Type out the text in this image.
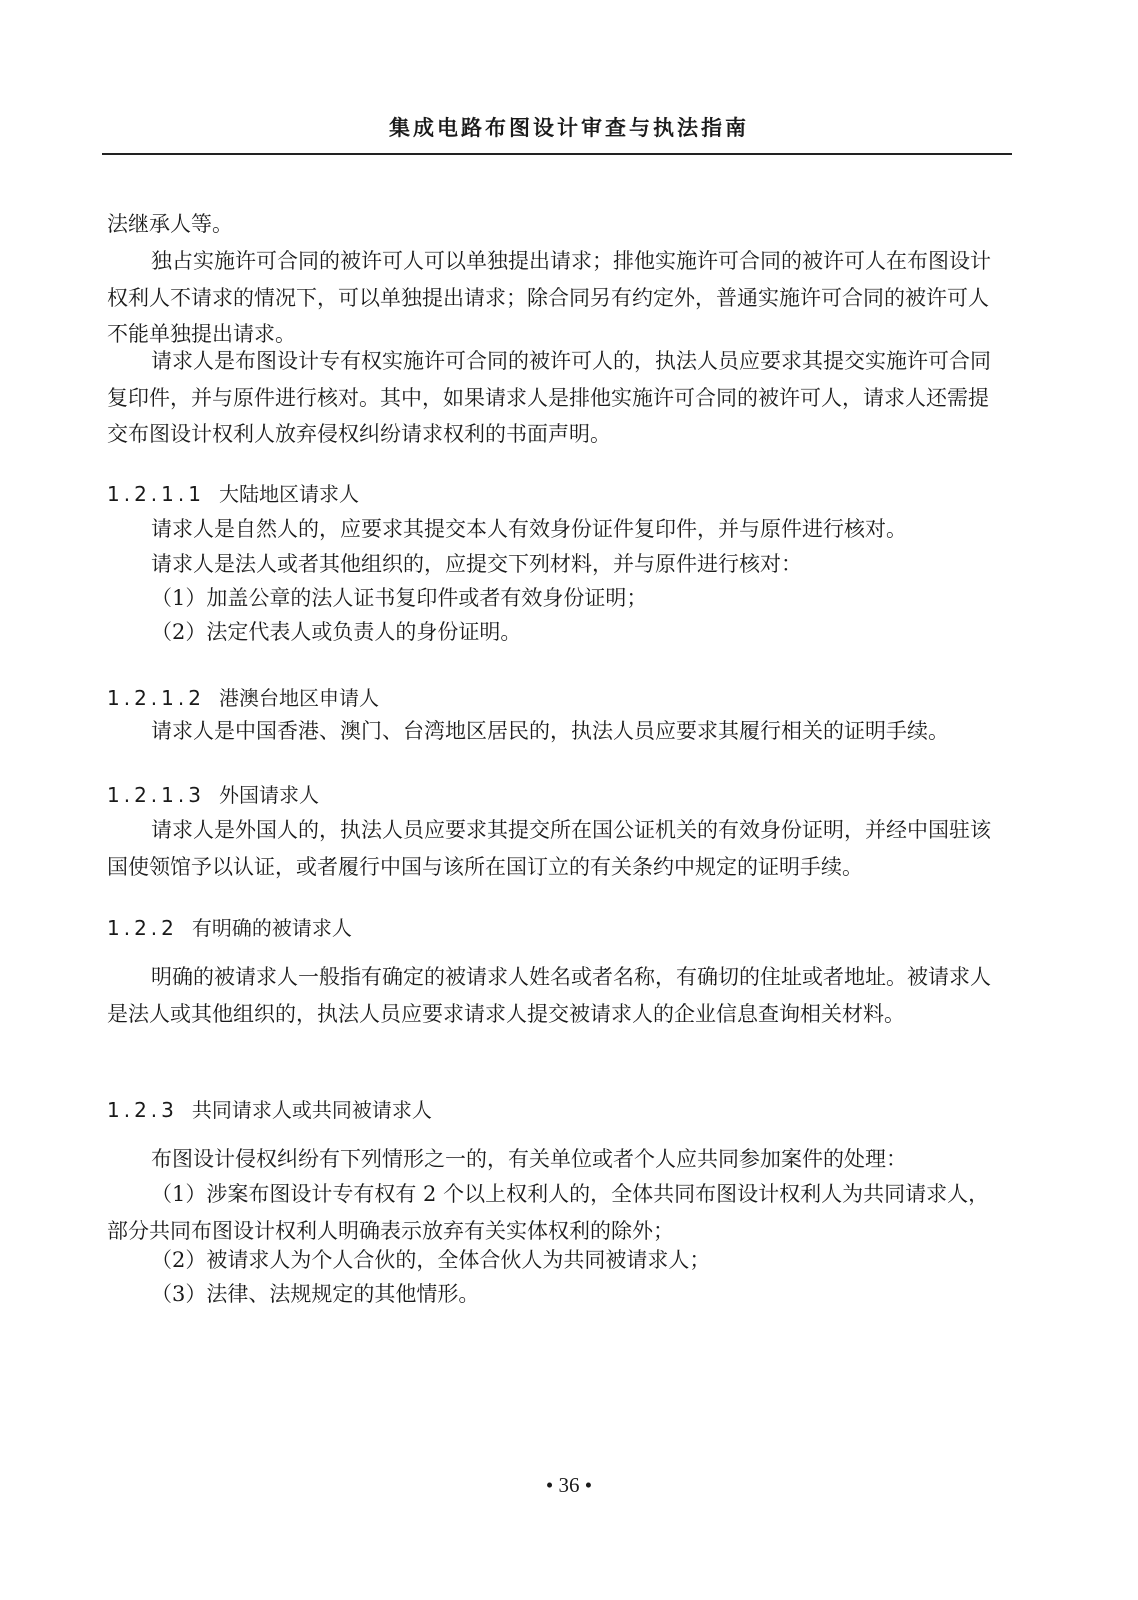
集成电路布图设计审查与执法指南

法继承人等。

独占实施许可合同的被许可人可以单独提出请求；排他实施许可合同的被许可人在布图设计权利人不请求的情况下，可以单独提出请求；除合同另有约定外，普通实施许可合同的被许可人不能单独提出请求。

请求人是布图设计专有权实施许可合同的被许可人的，执法人员应要求其提交实施许可合同复印件，并与原件进行核对。其中，如果请求人是排他实施许可合同的被许可人，请求人还需提交布图设计权利人放弃侵权纠纷请求权利的书面声明。

1.2.1.1 大陆地区请求人

请求人是自然人的，应要求其提交本人有效身份证件复印件，并与原件进行核对。

请求人是法人或者其他组织的，应提交下列材料，并与原件进行核对：

（1）加盖公章的法人证书复印件或者有效身份证明；

（2）法定代表人或负责人的身份证明。

1.2.1.2 港澳台地区申请人

请求人是中国香港、澳门、台湾地区居民的，执法人员应要求其履行相关的证明手续。

1.2.1.3 外国请求人

请求人是外国人的，执法人员应要求其提交所在国公证机关的有效身份证明，并经中国驻该国使领馆予以认证，或者履行中国与该所在国订立的有关条约中规定的证明手续。

1.2.2 有明确的被请求人

明确的被请求人一般指有确定的被请求人姓名或者名称，有确切的住址或者地址。被请求人是法人或其他组织的，执法人员应要求请求人提交被请求人的企业信息查询相关材料。

1.2.3 共同请求人或共同被请求人

布图设计侵权纠纷有下列情形之一的，有关单位或者个人应共同参加案件的处理：

（1）涉案布图设计专有权有 2 个以上权利人的，全体共同布图设计权利人为共同请求人，部分共同布图设计权利人明确表示放弃有关实体权利的除外；

（2）被请求人为个人合伙的，全体合伙人为共同被请求人；

（3）法律、法规规定的其他情形。

• 36 •
